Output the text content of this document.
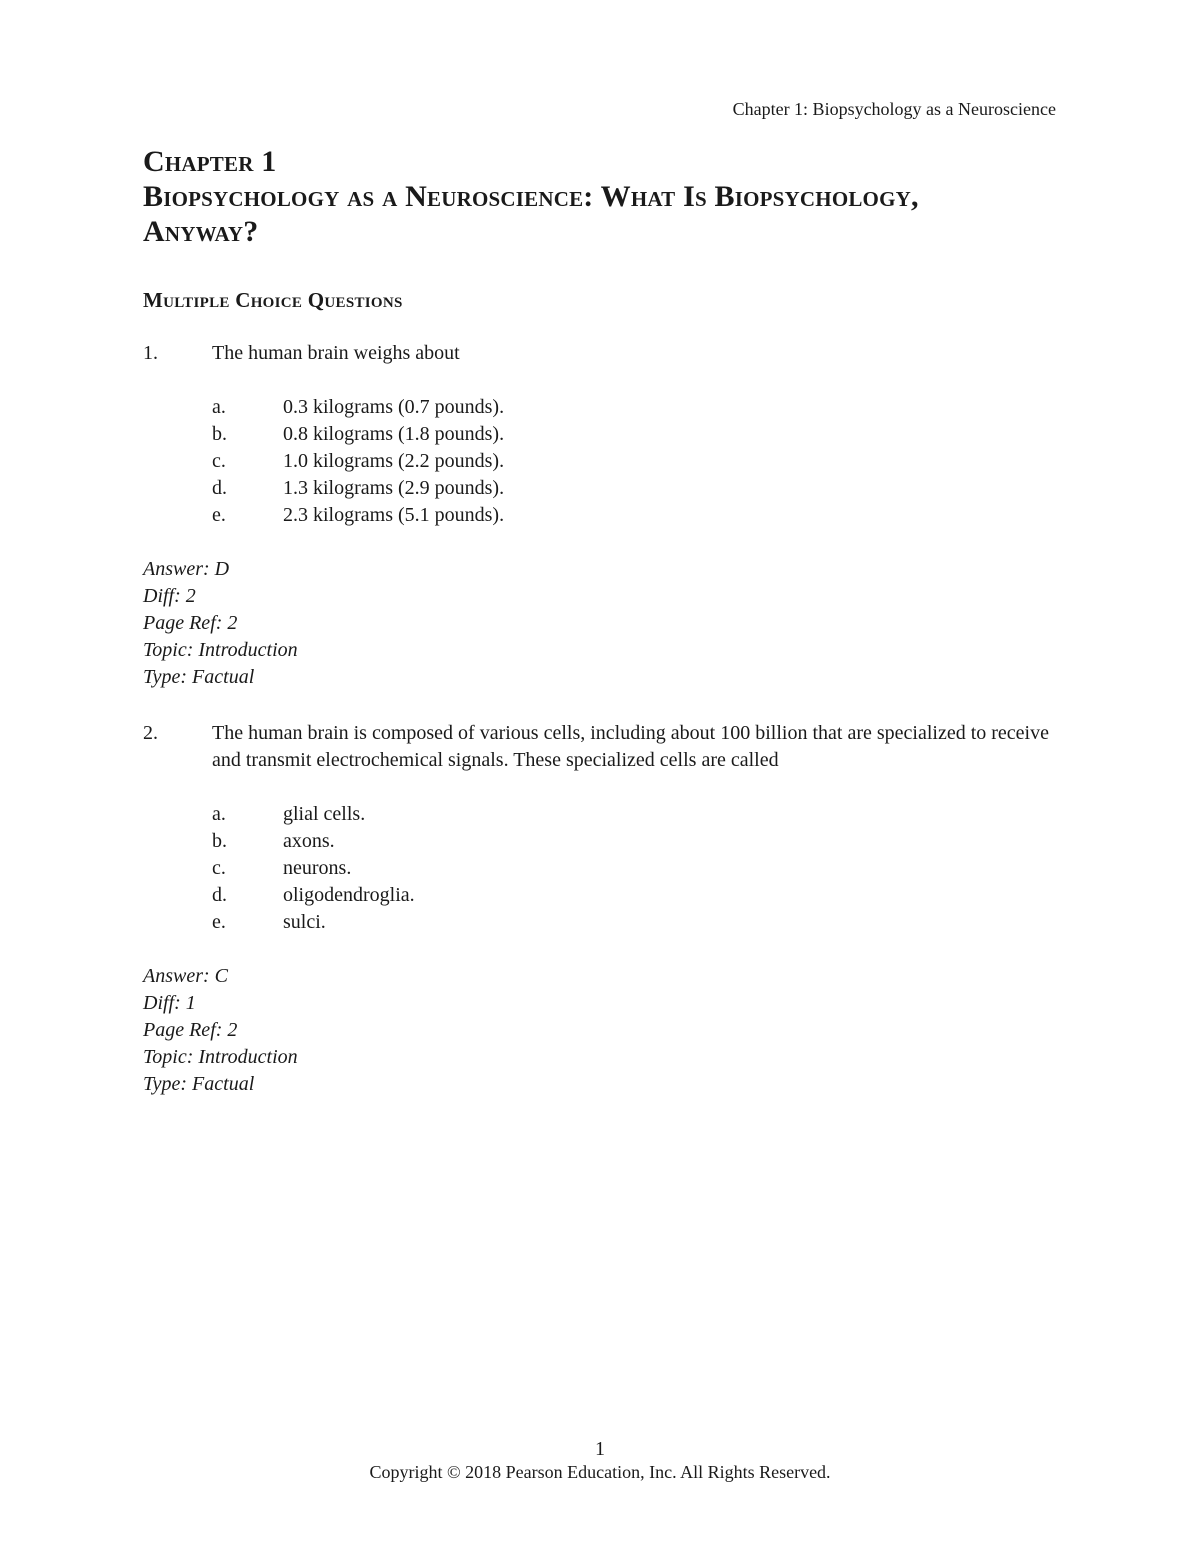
Chapter 1: Biopsychology as a Neuroscience
Chapter 1
Biopsychology as a Neuroscience: What Is Biopsychology,
Anyway?
Multiple Choice Questions
1.	The human brain weighs about
a.	0.3 kilograms (0.7 pounds).
b.	0.8 kilograms (1.8 pounds).
c.	1.0 kilograms (2.2 pounds).
d.	1.3 kilograms (2.9 pounds).
e.	2.3 kilograms (5.1 pounds).
Answer: D
Diff: 2
Page Ref: 2
Topic: Introduction
Type: Factual
2.	The human brain is composed of various cells, including about 100 billion that are specialized to receive and transmit electrochemical signals. These specialized cells are called
a.	glial cells.
b.	axons.
c.	neurons.
d.	oligodendroglia.
e.	sulci.
Answer: C
Diff: 1
Page Ref: 2
Topic: Introduction
Type: Factual
1
Copyright © 2018 Pearson Education, Inc. All Rights Reserved.
